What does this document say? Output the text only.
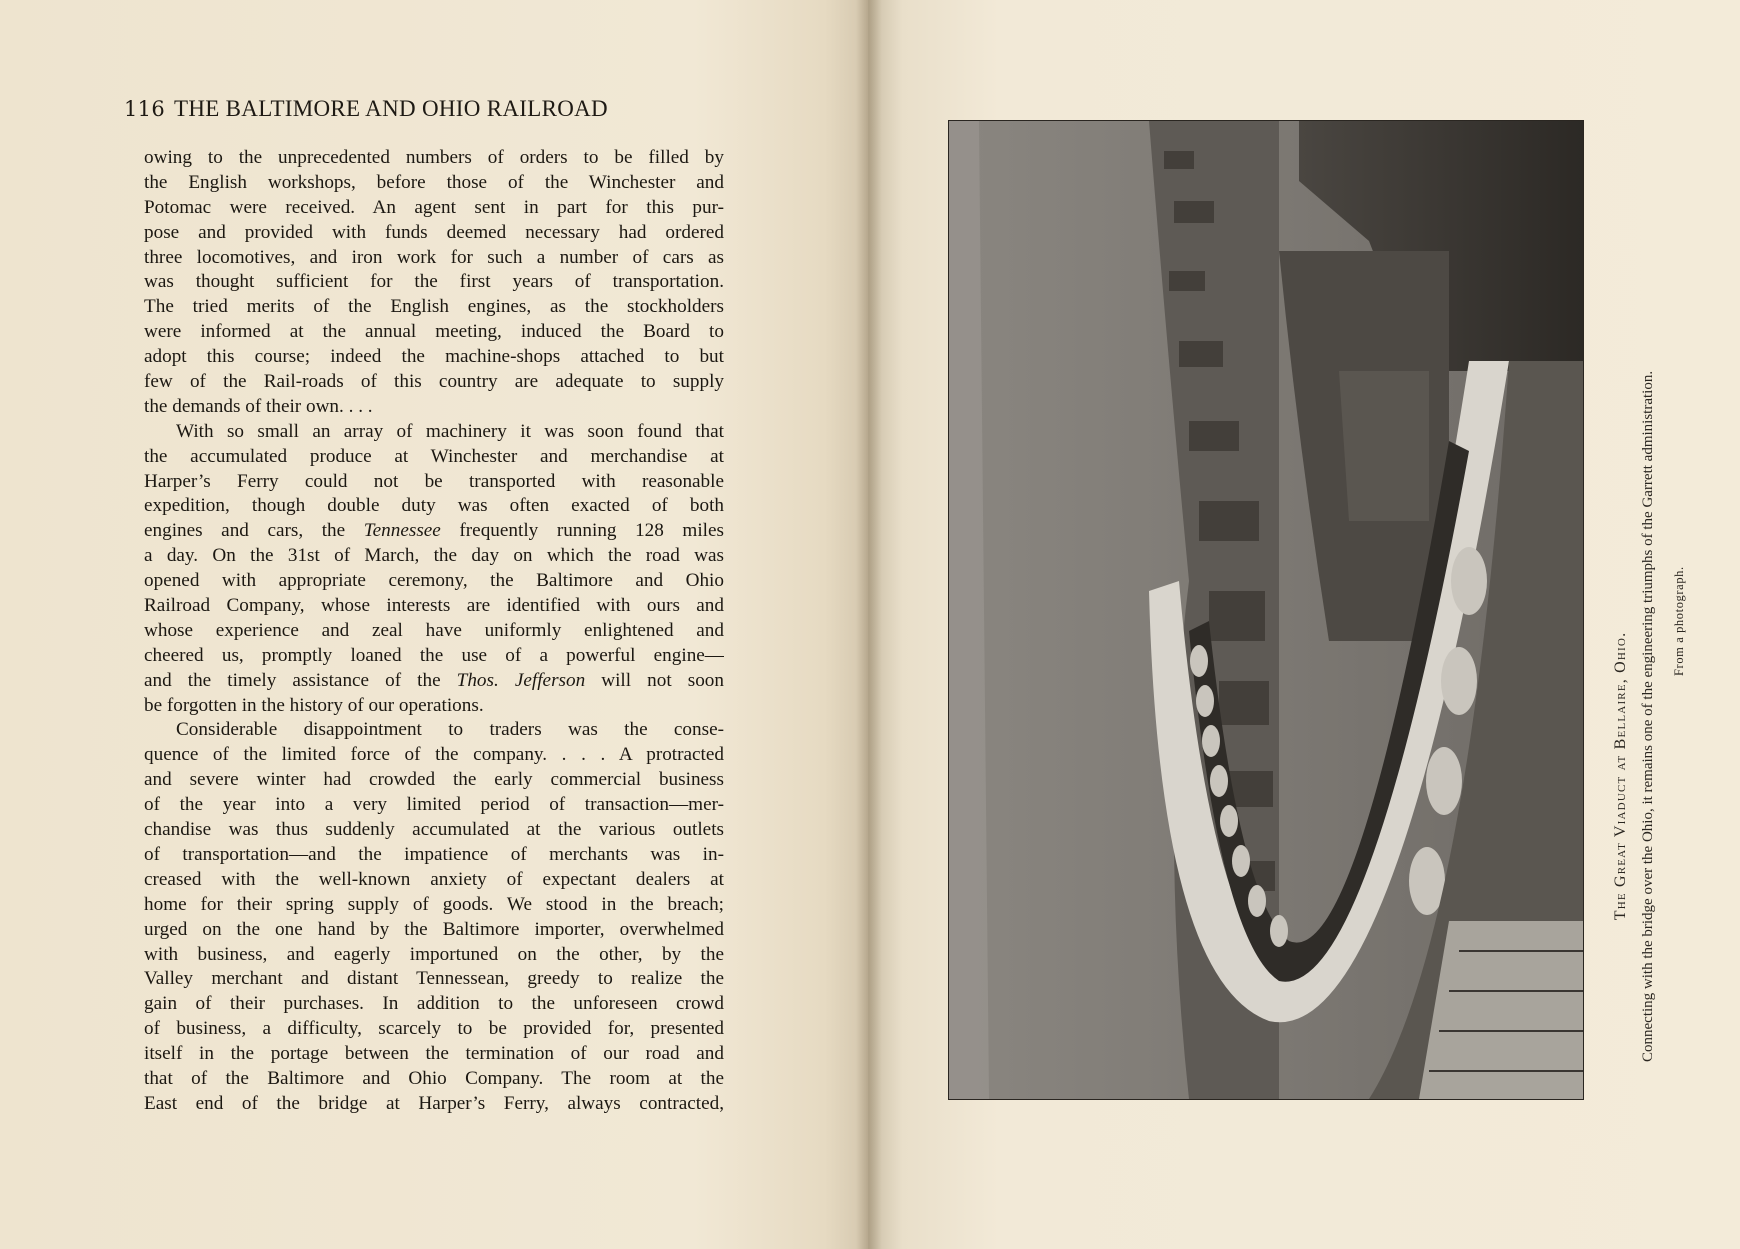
116 THE BALTIMORE AND OHIO RAILROAD
owing to the unprecedented numbers of orders to be filled by
the English workshops, before those of the Winchester and
Potomac were received. An agent sent in part for this pur-
pose and provided with funds deemed necessary had ordered
three locomotives, and iron work for such a number of cars as
was thought sufficient for the first years of transportation.
The tried merits of the English engines, as the stockholders
were informed at the annual meeting, induced the Board to
adopt this course; indeed the machine-shops attached to but
few of the Rail-roads of this country are adequate to supply
the demands of their own. . . .
With so small an array of machinery it was soon found that
the accumulated produce at Winchester and merchandise at
Harper’s Ferry could not be transported with reasonable
expedition, though double duty was often exacted of both
engines and cars, the Tennessee frequently running 128 miles
a day. On the 31st of March, the day on which the road was
opened with appropriate ceremony, the Baltimore and Ohio
Railroad Company, whose interests are identified with ours and
whose experience and zeal have uniformly enlightened and
cheered us, promptly loaned the use of a powerful engine—
and the timely assistance of the Thos. Jefferson will not soon
be forgotten in the history of our operations.
Considerable disappointment to traders was the conse-
quence of the limited force of the company. . . . A protracted
and severe winter had crowded the early commercial business
of the year into a very limited period of transaction—mer-
chandise was thus suddenly accumulated at the various outlets
of transportation—and the impatience of merchants was in-
creased with the well-known anxiety of expectant dealers at
home for their spring supply of goods. We stood in the breach;
urged on the one hand by the Baltimore importer, overwhelmed
with business, and eagerly importuned on the other, by the
Valley merchant and distant Tennessean, greedy to realize the
gain of their purchases. In addition to the unforeseen crowd
of business, a difficulty, scarcely to be provided for, presented
itself in the portage between the termination of our road and
that of the Baltimore and Ohio Company. The room at the
East end of the bridge at Harper’s Ferry, always contracted,
The Great Viaduct at Bellaire, Ohio. Connecting with the bridge over the Ohio, it remains one of the engineering triumphs of the Garrett administration. From a photograph.
